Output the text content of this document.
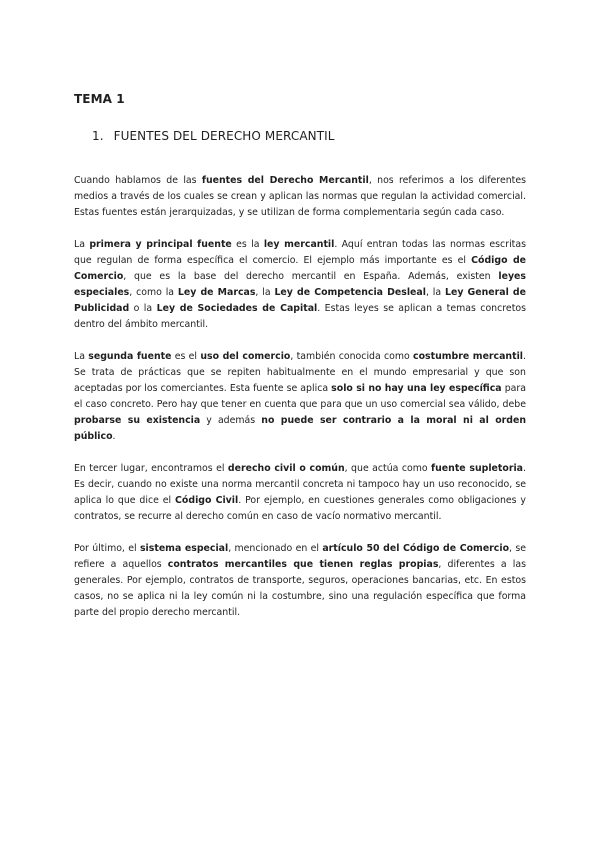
TEMA 1
1. FUENTES DEL DERECHO MERCANTIL

Cuando hablamos de las fuentes del Derecho Mercantil, nos referimos a los diferentes medios a través de los cuales se crean y aplican las normas que regulan la actividad comercial. Estas fuentes están jerarquizadas, y se utilizan de forma complementaria según cada caso.

La primera y principal fuente es la ley mercantil. Aquí entran todas las normas escritas que regulan de forma específica el comercio. El ejemplo más importante es el Código de Comercio, que es la base del derecho mercantil en España. Además, existen leyes especiales, como la Ley de Marcas, la Ley de Competencia Desleal, la Ley General de Publicidad o la Ley de Sociedades de Capital. Estas leyes se aplican a temas concretos dentro del ámbito mercantil.

La segunda fuente es el uso del comercio, también conocida como costumbre mercantil. Se trata de prácticas que se repiten habitualmente en el mundo empresarial y que son aceptadas por los comerciantes. Esta fuente se aplica solo si no hay una ley específica para el caso concreto. Pero hay que tener en cuenta que para que un uso comercial sea válido, debe probarse su existencia y además no puede ser contrario a la moral ni al orden público.

En tercer lugar, encontramos el derecho civil o común, que actúa como fuente supletoria. Es decir, cuando no existe una norma mercantil concreta ni tampoco hay un uso reconocido, se aplica lo que dice el Código Civil. Por ejemplo, en cuestiones generales como obligaciones y contratos, se recurre al derecho común en caso de vacío normativo mercantil.

Por último, el sistema especial, mencionado en el artículo 50 del Código de Comercio, se refiere a aquellos contratos mercantiles que tienen reglas propias, diferentes a las generales. Por ejemplo, contratos de transporte, seguros, operaciones bancarias, etc. En estos casos, no se aplica ni la ley común ni la costumbre, sino una regulación específica que forma parte del propio derecho mercantil.
